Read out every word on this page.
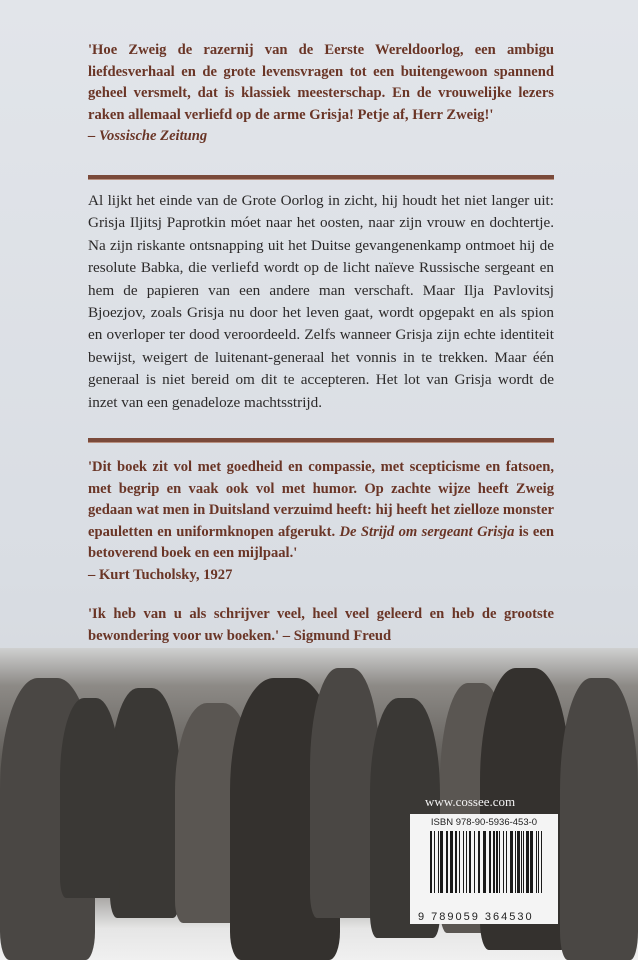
'Hoe Zweig de razernij van de Eerste Wereldoorlog, een ambigu liefdesverhaal en de grote levensvragen tot een buitengewoon spannend geheel versmelt, dat is klassiek meesterschap. En de vrouwelijke lezers raken allemaal verliefd op de arme Grisja! Petje af, Herr Zweig!'
– Vossische Zeitung
Al lijkt het einde van de Grote Oorlog in zicht, hij houdt het niet langer uit: Grisja Iljitsj Paprotkin móet naar het oosten, naar zijn vrouw en dochtertje. Na zijn riskante ontsnapping uit het Duitse gevangenenkamp ontmoet hij de resolute Babka, die verliefd wordt op de licht naïeve Russische sergeant en hem de papieren van een andere man verschaft. Maar Ilja Pavlovitsj Bjoezjov, zoals Grisja nu door het leven gaat, wordt opgepakt en als spion en overloper ter dood veroordeeld. Zelfs wanneer Grisja zijn echte identiteit bewijst, weigert de luitenant-generaal het vonnis in te trekken. Maar één generaal is niet bereid om dit te accepteren. Het lot van Grisja wordt de inzet van een genadeloze machtsstrijd.
'Dit boek zit vol met goedheid en compassie, met scepticisme en fatsoen, met begrip en vaak ook vol met humor. Op zachte wijze heeft Zweig gedaan wat men in Duitsland verzuimd heeft: hij heeft het zielloze monster epauletten en uniformknopen afgerukt. De Strijd om sergeant Grisja is een betoverend boek en een mijlpaal.'
– Kurt Tucholsky, 1927
'Ik heb van u als schrijver veel, heel veel geleerd en heb de grootste bewondering voor uw boeken.' – Sigmund Freud
www.cossee.com
ISBN 978-90-5936-453-0
9 789059 364530
